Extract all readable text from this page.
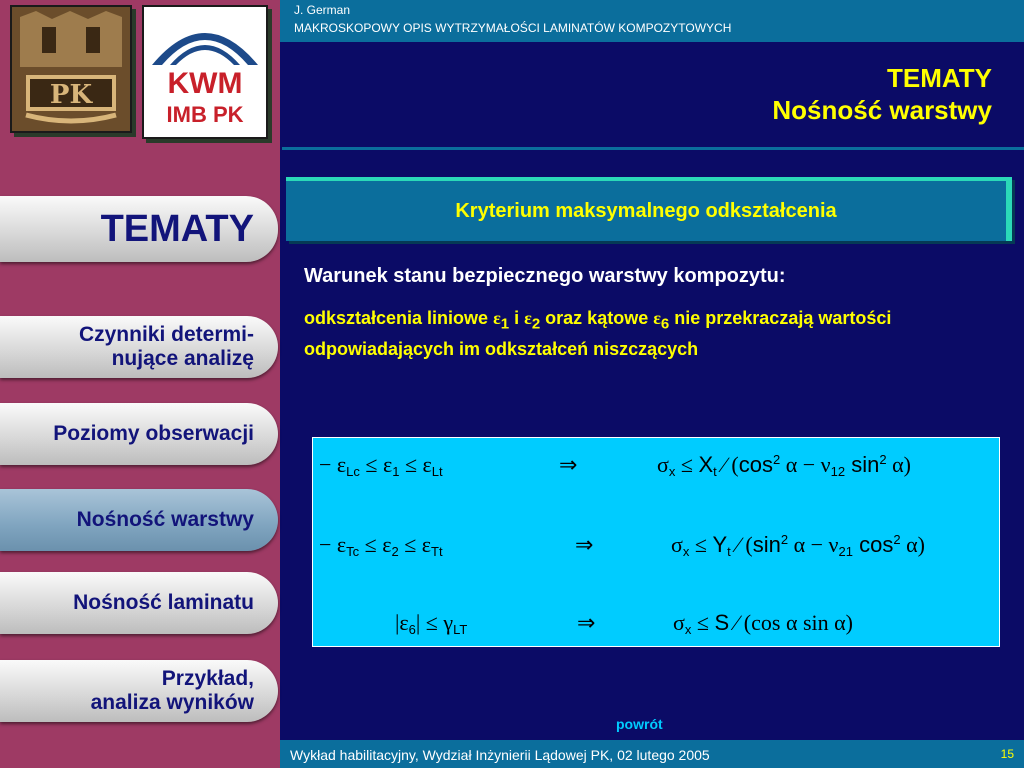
PK	KWM
IMB PK
TEMATY
Czynniki determi-
nujące analizę
Poziomy obserwacji
Nośność warstwy
Nośność laminatu
Przykład,
analiza wyników
J. German
MAKROSKOPOWY OPIS WYTRZYMAŁOŚCI LAMINATÓW KOMPOZYTOWYCH
TEMATY
Nośność warstwy
Kryterium maksymalnego odkształcenia
Warunek stanu bezpiecznego warstwy kompozytu:
odkształcenia liniowe $\varepsilon_1$ i $\varepsilon_2$ oraz kątowe $\varepsilon_6$ nie przekraczają wartości odpowiadających im odkształceń niszczących
− $\varepsilon_{Lc} \le \varepsilon_1 \le \varepsilon_{Lt}$	⇒	$\sigma_x \le X_t$ ∕ ($\cos^2$ $\alpha - \nu_{12}$ $\sin^2 \alpha$)
− $\varepsilon_{Tc} \le \varepsilon_2 \le \varepsilon_{Tt}$	⇒	$\sigma_x \le Y_t$ ∕ ($\sin^2$ $\alpha - \nu_{21}$ $\cos^2 \alpha$)
$|\varepsilon_6| \le \gamma_{LT}$	⇒	$\sigma_x \le S$ ∕ (cos α sin α)
powrót
Wykład habilitacyjny, Wydział Inżynierii Lądowej PK, 02 lutego 2005	15
